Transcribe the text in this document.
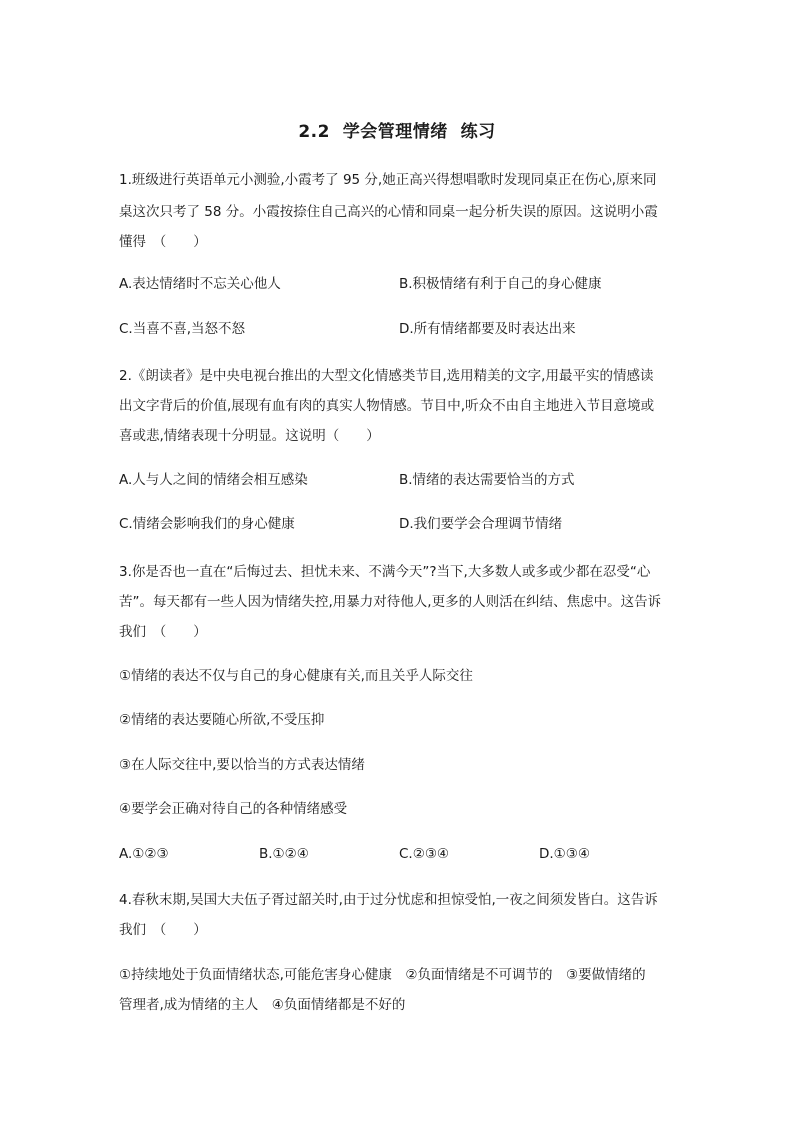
2.2  学会管理情绪  练习
1.班级进行英语单元小测验,小霞考了 95 分,她正高兴得想唱歌时发现同桌正在伤心,原来同
桌这次只考了 58 分。小霞按捺住自己高兴的心情和同桌一起分析失误的原因。这说明小霞
懂得　（　　）
A.表达情绪时不忘关心他人	B.积极情绪有利于自己的身心健康
C.当喜不喜,当怒不怒	D.所有情绪都要及时表达出来
2.《朗读者》是中央电视台推出的大型文化情感类节目,选用精美的文字,用最平实的情感读
出文字背后的价值,展现有血有肉的真实人物情感。节目中,听众不由自主地进入节目意境或
喜或悲,情绪表现十分明显。这说明（　　）
A.人与人之间的情绪会相互感染	B.情绪的表达需要恰当的方式
C.情绪会影响我们的身心健康	D.我们要学会合理调节情绪
3.你是否也一直在“后悔过去、担忧未来、不满今天”?当下,大多数人或多或少都在忍受“心
苦”。每天都有一些人因为情绪失控,用暴力对待他人,更多的人则活在纠结、焦虑中。这告诉
我们　（　　）
①情绪的表达不仅与自己的身心健康有关,而且关乎人际交往
②情绪的表达要随心所欲,不受压抑
③在人际交往中,要以恰当的方式表达情绪
④要学会正确对待自己的各种情绪感受
A.①②③	B.①②④	C.②③④	D.①③④
4.春秋末期,吴国大夫伍子胥过韶关时,由于过分忧虑和担惊受怕,一夜之间须发皆白。这告诉
我们　（　　）
①持续地处于负面情绪状态,可能危害身心健康　②负面情绪是不可调节的　③要做情绪的
管理者,成为情绪的主人　④负面情绪都是不好的
